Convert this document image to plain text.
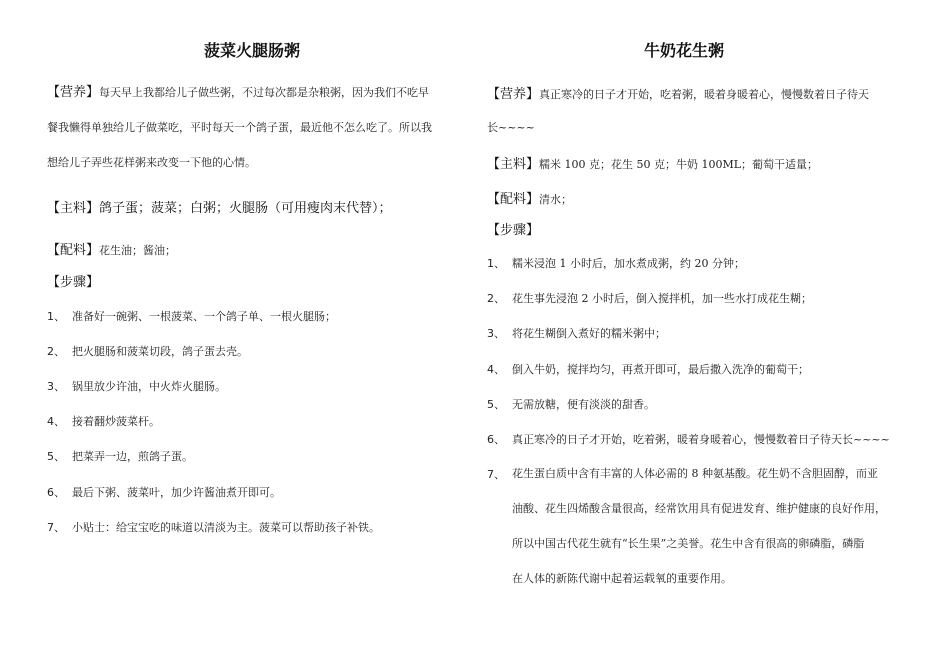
菠菜火腿肠粥
【营养】每天早上我都给儿子做些粥，不过每次都是杂粮粥，因为我们不吃早
餐我懒得单独给儿子做菜吃，平时每天一个鸽子蛋，最近他不怎么吃了。所以我
想给儿子弄些花样粥来改变一下他的心情。
【主料】鸽子蛋；菠菜；白粥；火腿肠（可用瘦肉末代替）；
【配料】花生油；酱油；
【步骤】
1、 准备好一碗粥、一根菠菜、一个鸽子单、一根火腿肠；
2、 把火腿肠和菠菜切段，鸽子蛋去壳。
3、 锅里放少许油，中火炸火腿肠。
4、 接着翻炒菠菜杆。
5、 把菜弄一边，煎鸽子蛋。
6、 最后下粥、菠菜叶，加少许酱油煮开即可。
7、 小贴士：给宝宝吃的味道以清淡为主。菠菜可以帮助孩子补铁。
牛奶花生粥
【营养】真正寒冷的日子才开始，吃着粥，暖着身暖着心，慢慢数着日子待天
长~~~~
【主料】糯米 100 克；花生 50 克；牛奶 100ML；葡萄干适量；
【配料】清水；
【步骤】
1、 糯米浸泡 1 小时后，加水煮成粥，约 20 分钟；
2、 花生事先浸泡 2 小时后，倒入搅拌机，加一些水打成花生糊；
3、 将花生糊倒入煮好的糯米粥中；
4、 倒入牛奶，搅拌均匀，再煮开即可，最后撒入洗净的葡萄干；
5、 无需放糖，便有淡淡的甜香。
6、 真正寒冷的日子才开始，吃着粥，暖着身暖着心，慢慢数着日子待天长~~~~
7、 花生蛋白质中含有丰富的人体必需的 8 种氨基酸。花生奶不含胆固醇，而亚
油酸、花生四烯酸含量很高，经常饮用具有促进发育、维护健康的良好作用，
所以中国古代花生就有“长生果”之美誉。花生中含有很高的卵磷脂，磷脂
在人体的新陈代谢中起着运载氧的重要作用。
